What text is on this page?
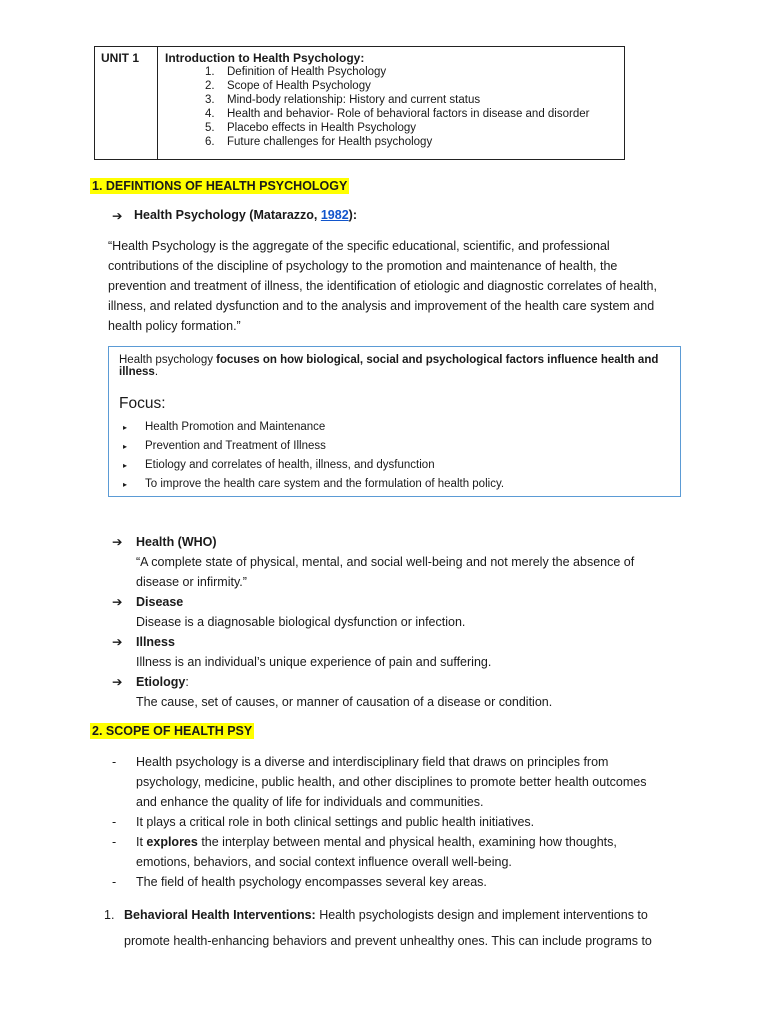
UNIT 1 Introduction to Health Psychology:
1.	Definition of Health Psychology
2.	Scope of Health Psychology
3.	Mind-body relationship: History and current status
4.	Health and behavior- Role of behavioral factors in disease and disorder
5.	Placebo effects in Health Psychology
6.	Future challenges for Health psychology
1. DEFINTIONS OF HEALTH PSYCHOLOGY
➔ Health Psychology (Matarazzo, 1982):
“Health Psychology is the aggregate of the specific educational, scientific, and professional
contributions of the discipline of psychology to the promotion and maintenance of health, the
prevention and treatment of illness, the identification of etiologic and diagnostic correlates of health,
illness, and related dysfunction and to the analysis and improvement of the health care system and
health policy formation.”
Health psychology focuses on how biological, social and psychological factors influence health and illness.
Focus:
▸	Health Promotion and Maintenance
▸	Prevention and Treatment of Illness
▸	Etiology and correlates of health, illness, and dysfunction
▸	To improve the health care system and the formulation of health policy.
➔	Health (WHO)
“A complete state of physical, mental, and social well-being and not merely the absence of
disease or infirmity.”
➔	Disease
Disease is a diagnosable biological dysfunction or infection.
➔	Illness
Illness is an individual’s unique experience of pain and suffering.
➔	Etiology :
The cause, set of causes, or manner of causation of a disease or condition.
2. SCOPE OF HEALTH PSY
-	Health psychology is a diverse and interdisciplinary field that draws on principles from
psychology, medicine, public health, and other disciplines to promote better health outcomes
and enhance the quality of life for individuals and communities.
-	It plays a critical role in both clinical settings and public health initiatives.
-	It explores the interplay between mental and physical health, examining how thoughts,
emotions, behaviors, and social context influence overall well-being.
-	The field of health psychology encompasses several key areas.
1. Behavioral Health Interventions: Health psychologists design and implement interventions to
promote health-enhancing behaviors and prevent unhealthy ones. This can include programs to
